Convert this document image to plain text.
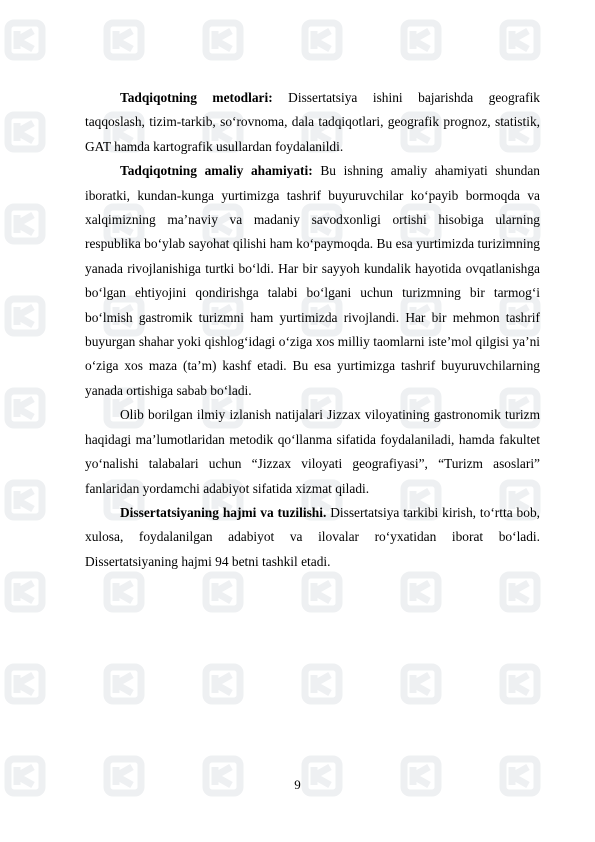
Tadqiqotning metodlari: Dissertatsiya ishini bajarishda geografik taqqoslash, tizim-tarkib, so‘rovnoma, dala tadqiqotlari, geografik prognoz, statistik, GAT hamda kartografik usullardan foydalanildi.

Tadqiqotning amaliy ahamiyati: Bu ishning amaliy ahamiyati shundan iboratki, kundan-kunga yurtimizga tashrif buyuruvchilar ko‘payib bormoqda va xalqimizning ma’naviy va madaniy savodxonligi ortishi hisobiga ularning respublika bo‘ylab sayohat qilishi ham ko‘paymoqda. Bu esa yurtimizda turizimning yanada rivojlanishiga turtki bo‘ldi. Har bir sayyoh kundalik hayotida ovqatlanishga bo‘lgan ehtiyojini qondirishga talabi bo‘lgani uchun turizmning bir tarmog‘i bo‘lmish gastromik turizmni ham yurtimizda rivojlandi. Har bir mehmon tashrif buyurgan shahar yoki qishlog‘idagi o‘ziga xos milliy taomlarni iste’mol qilgisi ya’ni o‘ziga xos maza (ta’m) kashf etadi. Bu esa yurtimizga tashrif buyuruvchilarning yanada ortishiga sabab bo‘ladi.

Olib borilgan ilmiy izlanish natijalari Jizzax viloyatining gastronomik turizm haqidagi ma’lumotlaridan metodik qo‘llanma sifatida foydalaniladi, hamda fakultet yo‘nalishi talabalari uchun “Jizzax viloyati geografiyasi”, “Turizm asoslari” fanlaridan yordamchi adabiyot sifatida xizmat qiladi.

Dissertatsiyaning hajmi va tuzilishi. Dissertatsiya tarkibi kirish, to‘rtta bob, xulosa, foydalanilgan adabiyot va ilovalar ro‘yxatidan iborat bo‘ladi. Dissertatsiyaning hajmi 94 betni tashkil etadi.

9
